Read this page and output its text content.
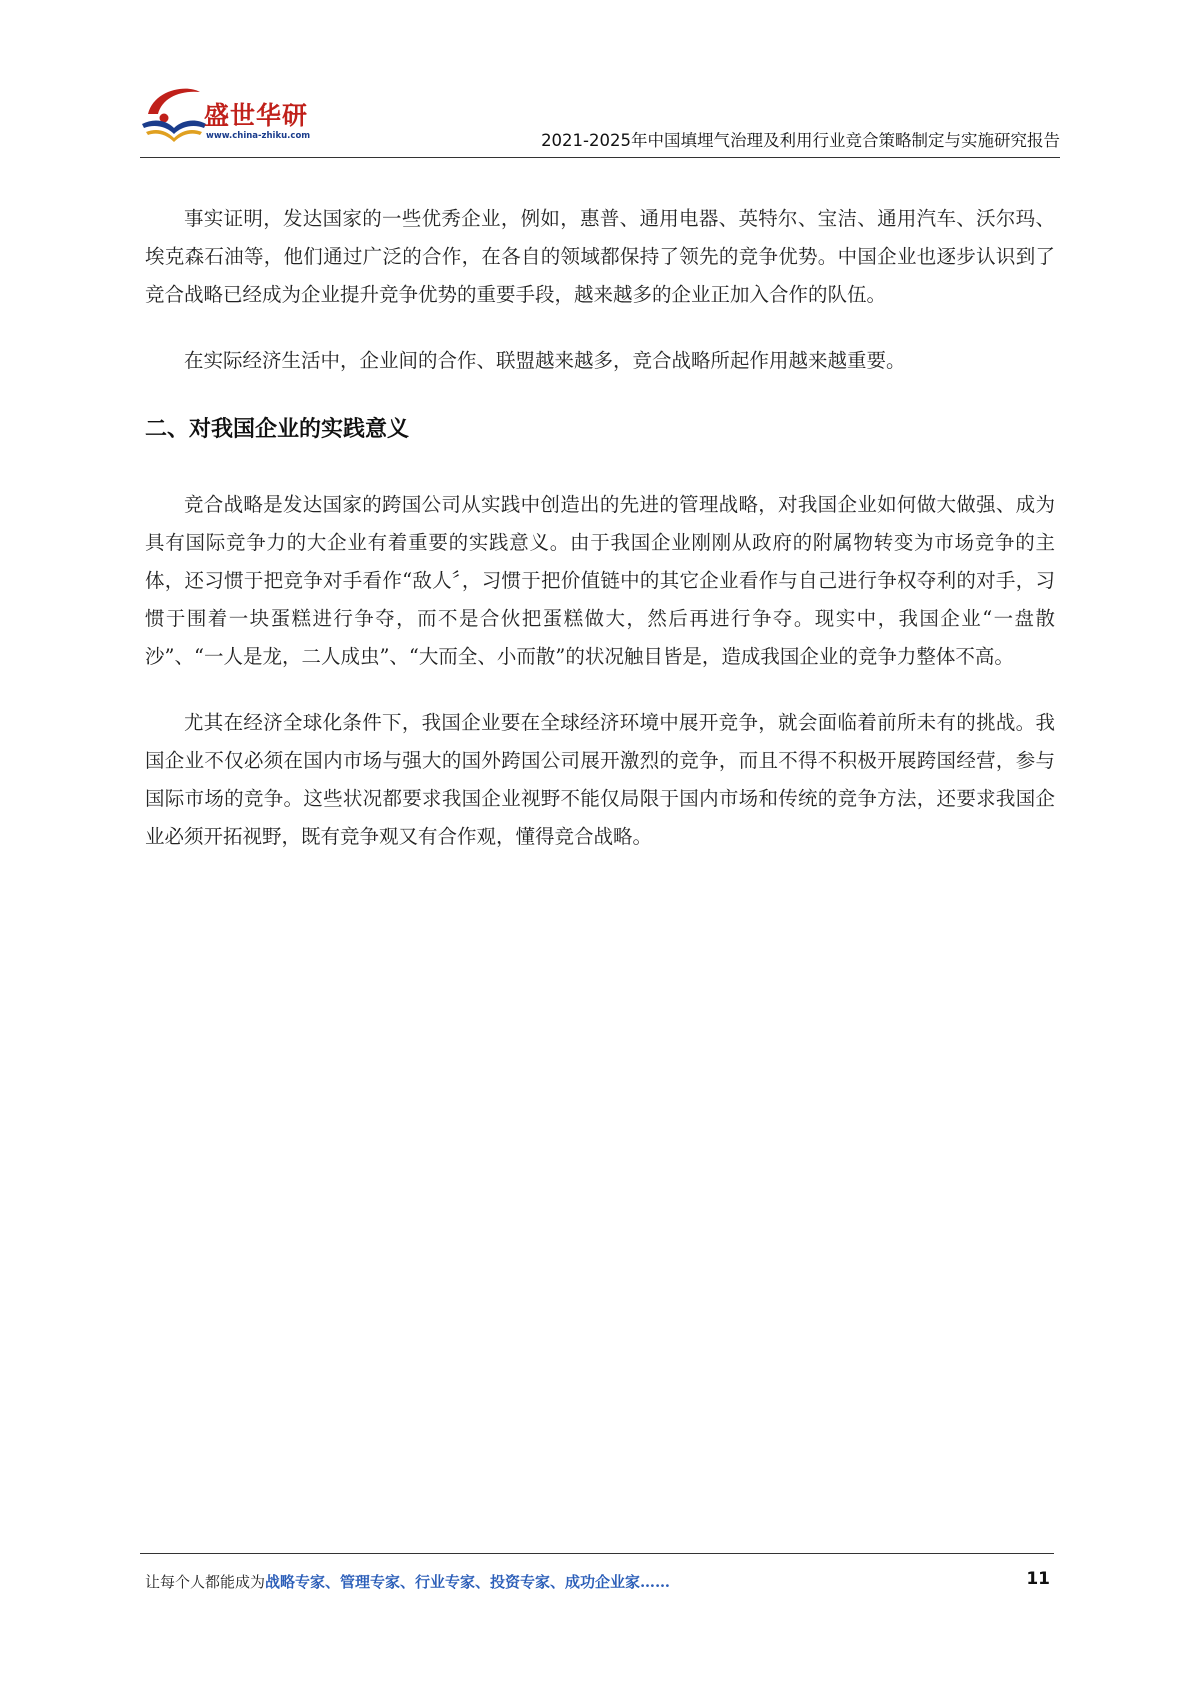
盛世华研
www.china-zhiku.com	2021-2025年中国填埋气治理及利用行业竞合策略制定与实施研究报告

事实证明，发达国家的一些优秀企业，例如，惠普、通用电器、英特尔、宝洁、通用汽车、沃尔玛、埃克森石油等，他们通过广泛的合作，在各自的领域都保持了领先的竞争优势。中国企业也逐步认识到了竞合战略已经成为企业提升竞争优势的重要手段，越来越多的企业正加入合作的队伍。

在实际经济生活中，企业间的合作、联盟越来越多，竞合战略所起作用越来越重要。

二、对我国企业的实践意义

竞合战略是发达国家的跨国公司从实践中创造出的先进的管理战略，对我国企业如何做大做强、成为具有国际竞争力的大企业有着重要的实践意义。由于我国企业刚刚从政府的附属物转变为市场竞争的主体，还习惯于把竞争对手看作“敌人〞，习惯于把价值链中的其它企业看作与自己进行争权夺利的对手，习惯于围着一块蛋糕进行争夺，而不是合伙把蛋糕做大，然后再进行争夺。现实中，我国企业“一盘散沙”、“一人是龙，二人成虫”、“大而全、小而散”的状况触目皆是，造成我国企业的竞争力整体不高。

尤其在经济全球化条件下，我国企业要在全球经济环境中展开竞争，就会面临着前所未有的挑战。我国企业不仅必须在国内市场与强大的国外跨国公司展开激烈的竞争，而且不得不积极开展跨国经营，参与国际市场的竞争。这些状况都要求我国企业视野不能仅局限于国内市场和传统的竞争方法，还要求我国企业必须开拓视野，既有竞争观又有合作观，懂得竞合战略。

让每个人都能成为战略专家、管理专家、行业专家、投资专家、成功企业家……	11
